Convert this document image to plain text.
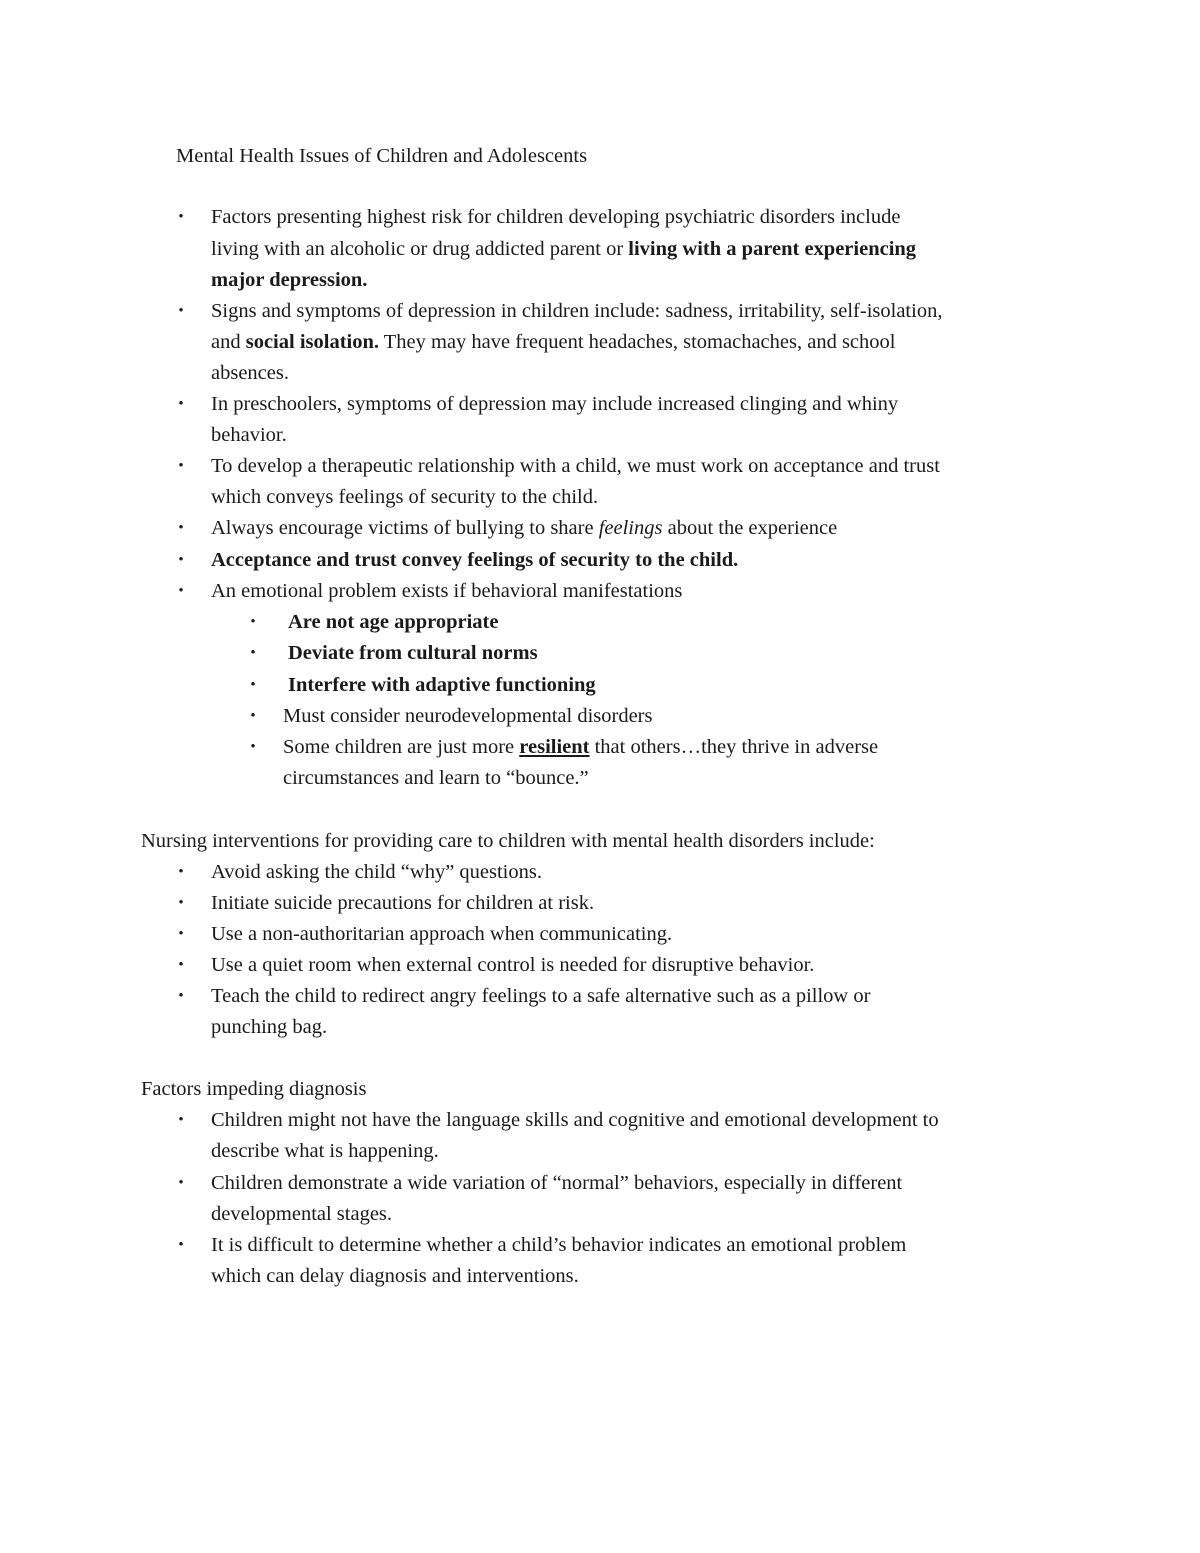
Mental Health Issues of Children and Adolescents
• Factors presenting highest risk for children developing psychiatric disorders include
living with an alcoholic or drug addicted parent or living with a parent experiencing
major depression.
• Signs and symptoms of depression in children include: sadness, irritability, self-isolation,
and social isolation. They may have frequent headaches, stomachaches, and school
absences.
• In preschoolers, symptoms of depression may include increased clinging and whiny
behavior.
• To develop a therapeutic relationship with a child, we must work on acceptance and trust
which conveys feelings of security to the child.
• Always encourage victims of bullying to share feelings about the experience
• Acceptance and trust convey feelings of security to the child.
• An emotional problem exists if behavioral manifestations
• Are not age appropriate
• Deviate from cultural norms
• Interfere with adaptive functioning
• Must consider neurodevelopmental disorders
• Some children are just more resilient that others…they thrive in adverse
circumstances and learn to “bounce.”
Nursing interventions for providing care to children with mental health disorders include:
• Avoid asking the child “why” questions.
• Initiate suicide precautions for children at risk.
• Use a non-authoritarian approach when communicating.
• Use a quiet room when external control is needed for disruptive behavior.
• Teach the child to redirect angry feelings to a safe alternative such as a pillow or
punching bag.
Factors impeding diagnosis
• Children might not have the language skills and cognitive and emotional development to
describe what is happening.
• Children demonstrate a wide variation of “normal” behaviors, especially in different
developmental stages.
• It is difficult to determine whether a child’s behavior indicates an emotional problem
which can delay diagnosis and interventions.
